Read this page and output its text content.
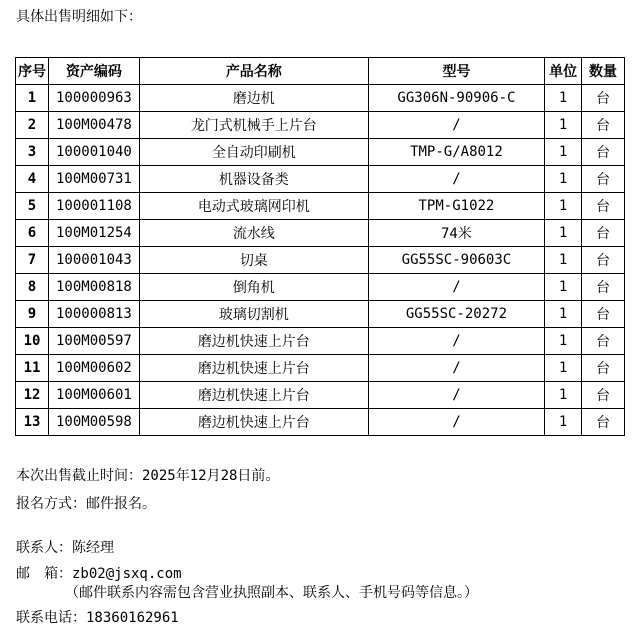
具体出售明细如下：
序号	资产编码	产品名称	型号	单位	数量
1	100000963	磨边机	GG306N-90906-C	1	台
2	100M00478	龙门式机械手上片台	/	1	台
3	100001040	全自动印刷机	TMP-G/A8012	1	台
4	100M00731	机器设备类	/	1	台
5	100001108	电动式玻璃网印机	TPM-G1022	1	台
6	100M01254	流水线	74米	1	台
7	100001043	切桌	GG55SC-90603C	1	台
8	100M00818	倒角机	/	1	台
9	100000813	玻璃切割机	GG55SC-20272	1	台
10	100M00597	磨边机快速上片台	/	1	台
11	100M00602	磨边机快速上片台	/	1	台
12	100M00601	磨边机快速上片台	/	1	台
13	100M00598	磨边机快速上片台	/	1	台
本次出售截止时间：2025年12月28日前。
报名方式：邮件报名。
联系人：陈经理
邮　箱：zb02@jsxq.com
（邮件联系内容需包含营业执照副本、联系人、手机号码等信息。）
联系电话：18360162961
